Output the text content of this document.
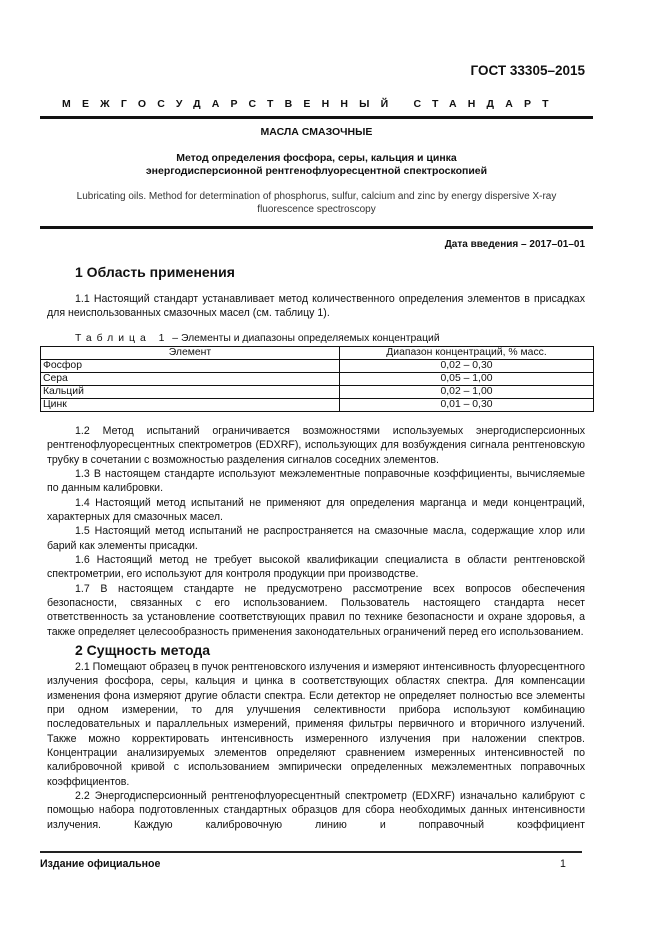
ГОСТ 33305–2015
МЕЖГОСУДАРСТВЕННЫЙ СТАНДАРТ
МАСЛА СМАЗОЧНЫЕ
Метод определения фосфора, серы, кальция и цинка
энергодисперсионной рентгенофлуоресцентной спектроскопией
Lubricating oils. Method for determination of phosphorus, sulfur, calcium and zinc by energy dispersive X-ray
fluorescence spectroscopy
Дата введения – 2017–01–01
1 Область применения

1.1 Настоящий стандарт устанавливает метод количественного определения элементов в присадках для неиспользованных смазочных масел (см. таблицу 1).

Таблица 1 – Элементы и диапазоны определяемых концентраций
Элемент	Диапазон концентраций, % масс.
Фосфор	0,02 – 0,30
Сера	0,05 – 1,00
Кальций	0,02 – 1,00
Цинк	0,01 – 0,30

1.2 Метод испытаний ограничивается возможностями используемых энергодисперсионных рентгенофлуоресцентных спектрометров (EDXRF), использующих для возбуждения сигнала рентгеновскую трубку в сочетании с возможностью разделения сигналов соседних элементов.

1.3 В настоящем стандарте используют межэлементные поправочные коэффициенты, вычисляемые по данным калибровки.

1.4 Настоящий метод испытаний не применяют для определения марганца и меди концентраций, характерных для смазочных масел.

1.5 Настоящий метод испытаний не распространяется на смазочные масла, содержащие хлор или барий как элементы присадки.

1.6 Настоящий метод не требует высокой квалификации специалиста в области рентгеновской спектрометрии, его используют для контроля продукции при производстве.

1.7 В настоящем стандарте не предусмотрено рассмотрение всех вопросов обеспечения безопасности, связанных с его использованием. Пользователь настоящего стандарта несет ответственность за установление соответствующих правил по технике безопасности и охране здоровья, а также определяет целесообразность применения законодательных ограничений перед его использованием.

2 Сущность метода

2.1 Помещают образец в пучок рентгеновского излучения и измеряют интенсивность флуоресцентного излучения фосфора, серы, кальция и цинка в соответствующих областях спектра. Для компенсации изменения фона измеряют другие области спектра. Если детектор не определяет полностью все элементы при одном измерении, то для улучшения селективности прибора используют комбинацию последовательных и параллельных измерений, применяя фильтры первичного и вторичного излучений. Также можно корректировать интенсивность измеренного излучения при наложении спектров. Концентрации анализируемых элементов определяют сравнением измеренных интенсивностей по калибровочной кривой с использованием эмпирически определенных межэлементных поправочных коэффициентов.

2.2 Энергодисперсионный рентгенофлуоресцентный спектрометр (EDXRF) изначально калибруют с помощью набора подготовленных стандартных образцов для сбора необходимых данных интенсивности излучения. Каждую калибровочную линию и поправочный коэффициент

Издание официальное	1
